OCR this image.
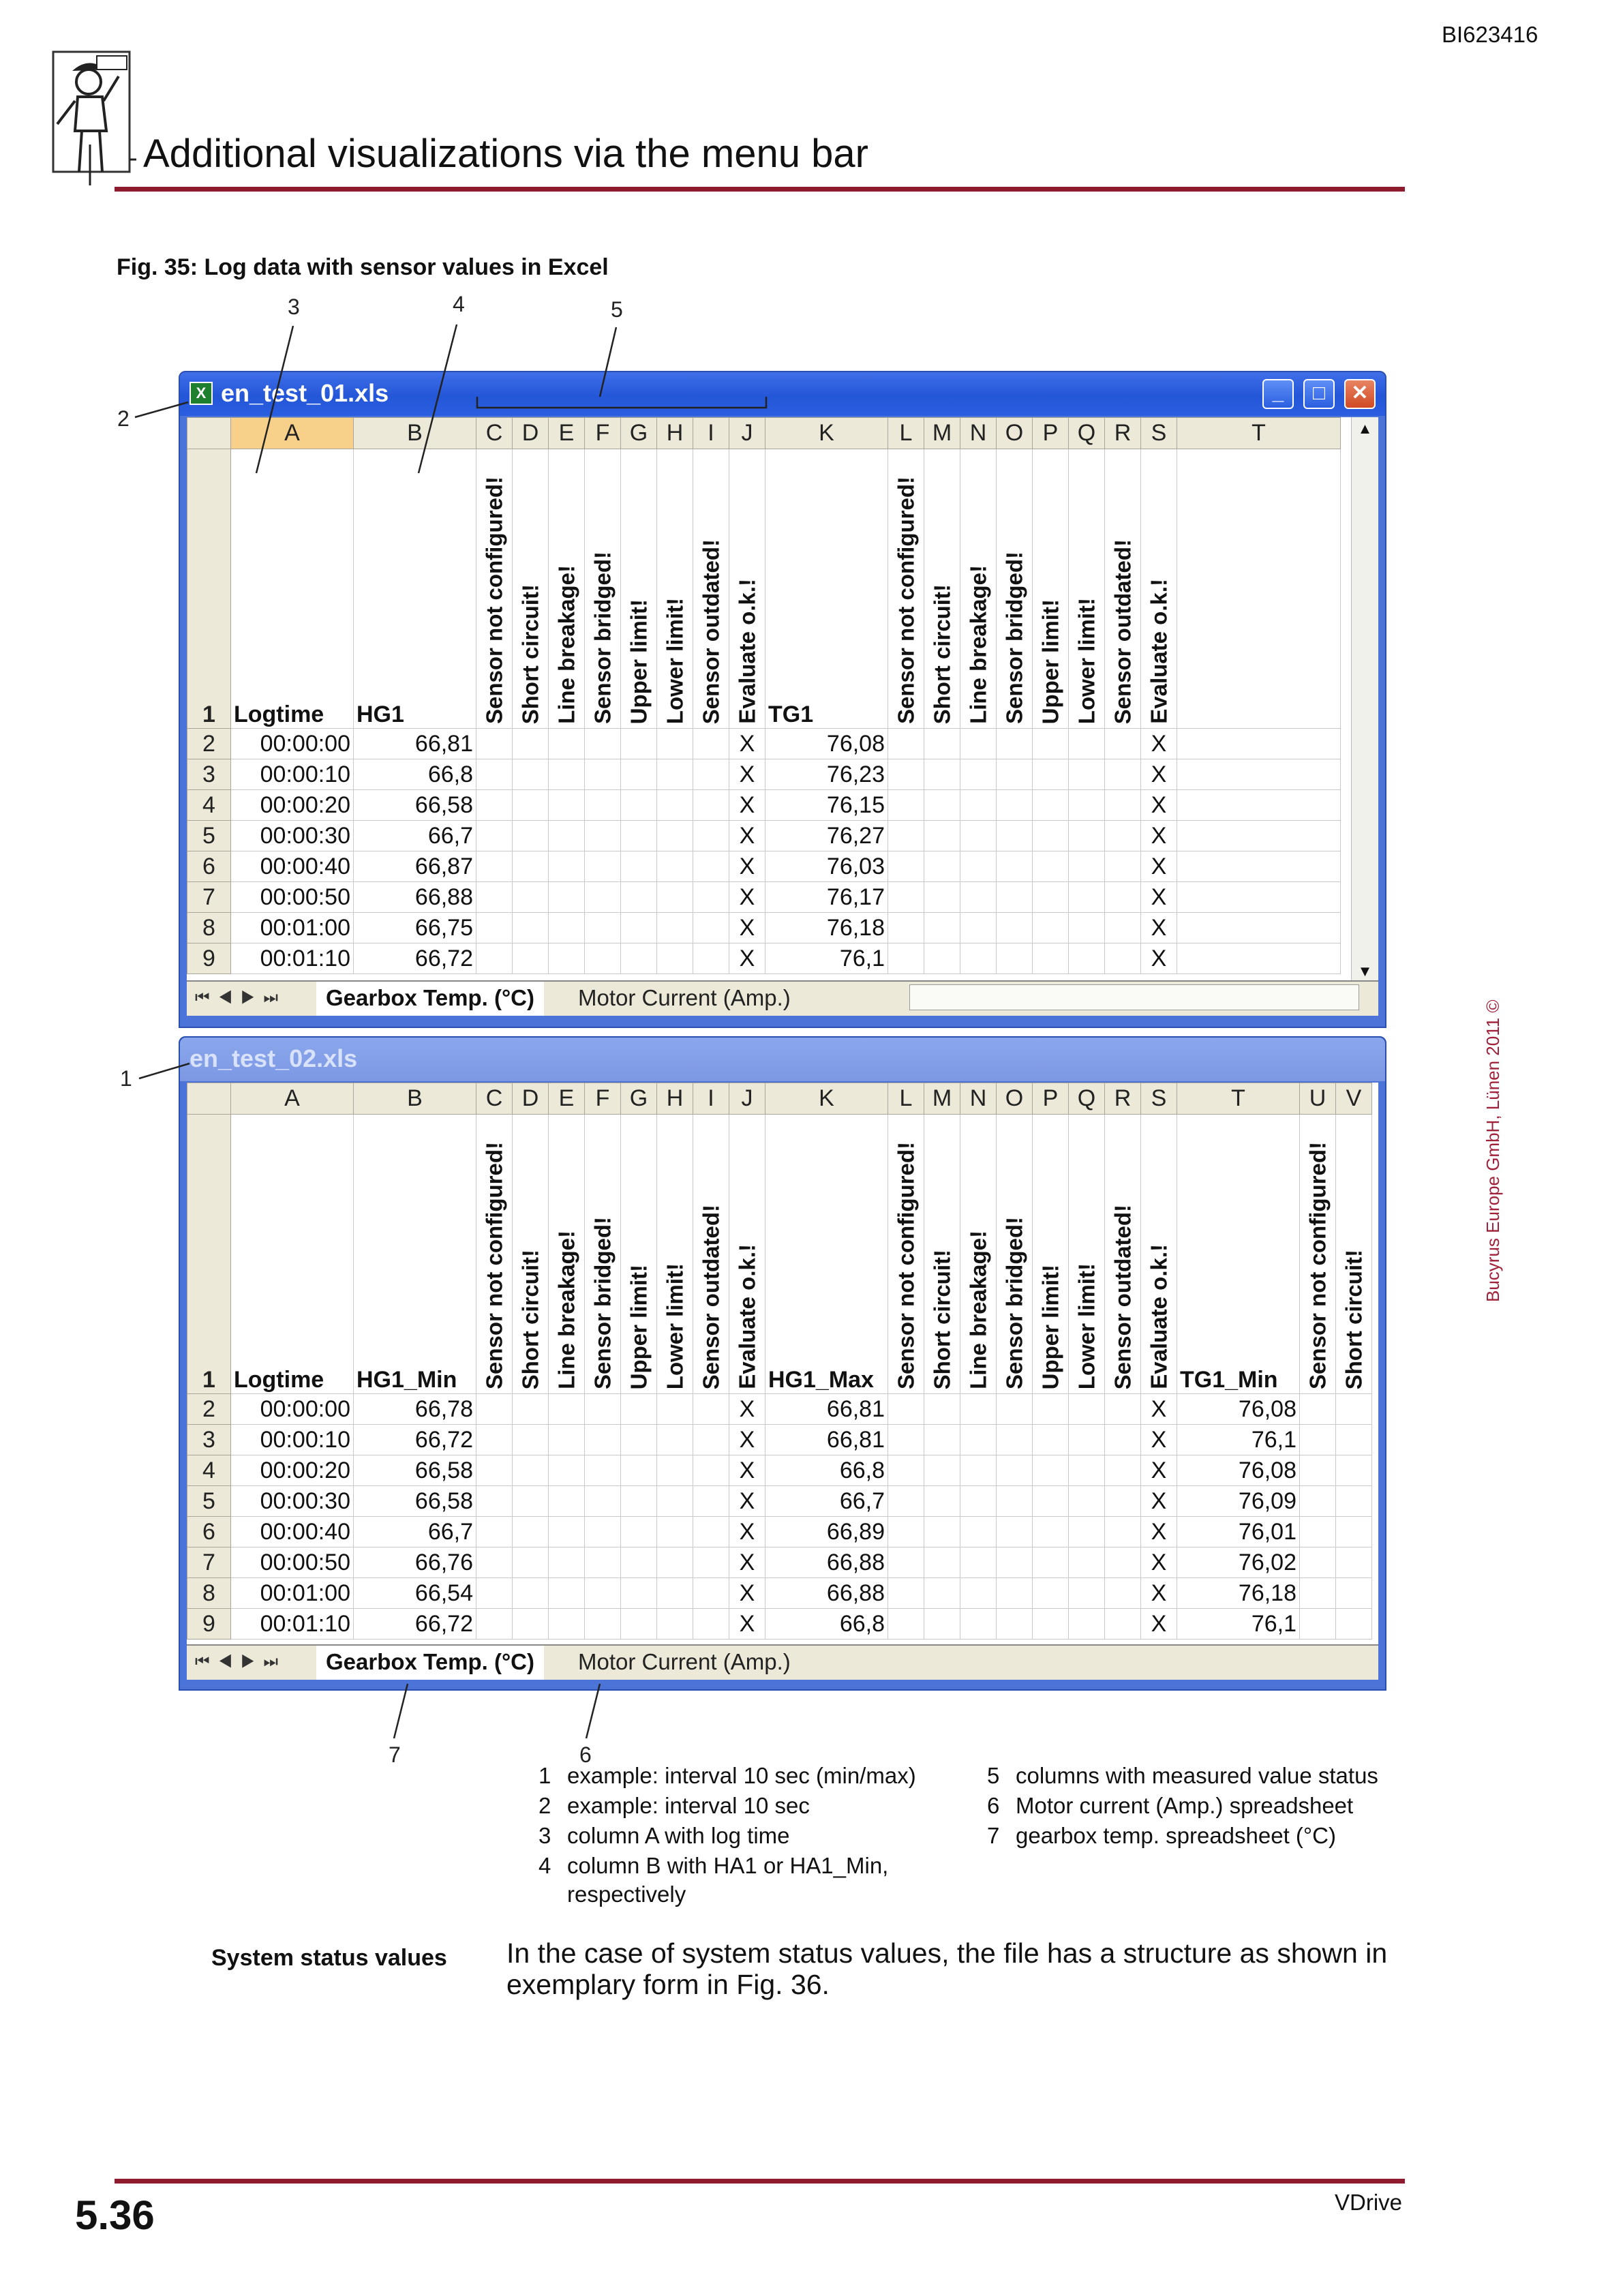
BI623416
Additional visualizations via the menu bar
Fig. 35: Log data with sensor values in Excel
3	4	5
2
1
7	6
X en_test_01.xls	_	□	✕
	A	B	C	D	E	F	G	H	I	J	K	L	M	N	O	P	Q	R	S	T
1	Logtime	HG1	Sensor not configured!	Short circuit!	Line breakage!	Sensor bridged!	Upper limit!	Lower limit!	Sensor outdated!	Evaluate o.k.!	TG1	Sensor not configured!	Short circuit!	Line breakage!	Sensor bridged!	Upper limit!	Lower limit!	Sensor outdated!	Evaluate o.k.!	

2	00:00:00	66,81								X	76,08								X	
3	00:00:10	66,8								X	76,23								X	
4	00:00:20	66,58								X	76,15								X	
5	00:00:30	66,7								X	76,27								X	
6	00:00:40	66,87								X	76,03								X	
7	00:00:50	66,88								X	76,17								X	
8	00:01:00	66,75								X	76,18								X	
9	00:01:10	66,72								X	76,1								X	
▲
▼
⏮◀▶⏭	Gearbox Temp. (°C)	Motor Current (Amp.)
en_test_02.xls
	A	B	C	D	E	F	G	H	I	J	K	L	M	N	O	P	Q	R	S	T	U	V
1	Logtime	HG1_Min	Sensor not configured!	Short circuit!	Line breakage!	Sensor bridged!	Upper limit!	Lower limit!	Sensor outdated!	Evaluate o.k.!	HG1_Max	Sensor not configured!	Short circuit!	Line breakage!	Sensor bridged!	Upper limit!	Lower limit!	Sensor outdated!	Evaluate o.k.!	TG1_Min	Sensor not configured!	Short circuit!

2	00:00:00	66,78								X	66,81								X	76,08		
3	00:00:10	66,72								X	66,81								X	76,1		
4	00:00:20	66,58								X	66,8								X	76,08		
5	00:00:30	66,58								X	66,7								X	76,09		
6	00:00:40	66,7								X	66,89								X	76,01		
7	00:00:50	66,76								X	66,88								X	76,02		
8	00:01:00	66,54								X	66,88								X	76,18		
9	00:01:10	66,72								X	66,8								X	76,1		
⏮◀▶⏭	Gearbox Temp. (°C)	Motor Current (Amp.)
1 example: interval 10 sec (min/max)
2 example: interval 10 sec
3 column A with log time
4 column B with HA1 or HA1_Min, respectively
5 columns with measured value status
6 Motor current (Amp.) spreadsheet
7 gearbox temp. spreadsheet (°C)
System status values In the case of system status values, the file has a structure as shown in exemplary form in Fig. 36.
Bucyrus Europe GmbH, Lünen 2011 ©
5.36	VDrive
